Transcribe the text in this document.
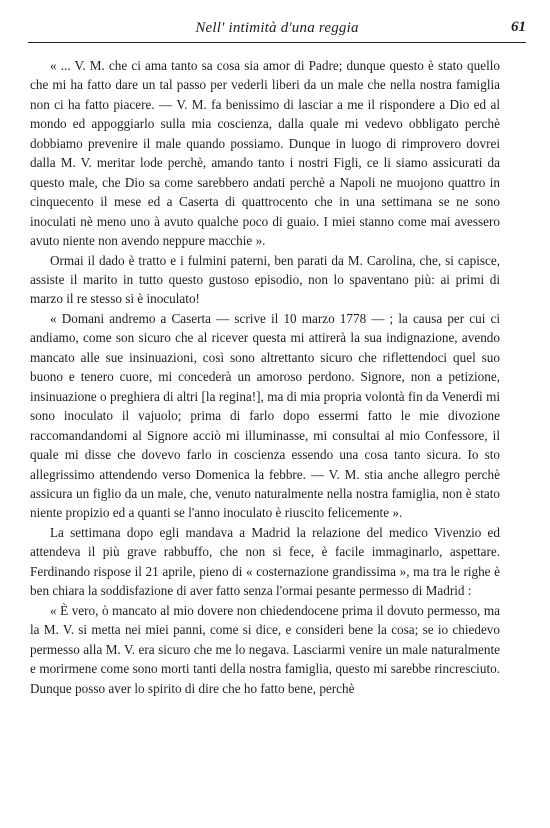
Nell' intimità d'una reggia	61

« ... V. M. che ci ama tanto sa cosa sia amor di Padre; dunque questo è stato quello che mi ha fatto dare un tal passo per vederli liberi da un male che nella nostra famiglia non ci ha fatto piacere. — V. M. fa benissimo di lasciar a me il rispondere a Dio ed al mondo ed appoggiarlo sulla mia coscienza, dalla quale mi vedevo obbligato perchè dobbiamo prevenire il male quando possiamo. Dunque in luogo di rimprovero dovrei dalla M. V. meritar lode perchè, amando tanto i nostri Figli, ce li siamo assicurati da questo male, che Dio sa come sarebbero andati perchè a Napoli ne muojono quattro in cinquecento il mese ed a Caserta di quattrocento che in una settimana se ne sono inoculati nè meno uno à avuto qualche poco di guaio. I miei stanno come mai avessero avuto niente non avendo neppure macchie ».

Ormai il dado è tratto e i fulmini paterni, ben parati da M. Carolina, che, si capisce, assiste il marito in tutto questo gustoso episodio, non lo spaventano più: ai primi di marzo il re stesso si è inoculato!

« Domani andremo a Caserta — scrive il 10 marzo 1778 — ; la causa per cui ci andiamo, come son sicuro che al ricever questa mi attirerà la sua indignazione, avendo mancato alle sue insinuazioni, così sono altrettanto sicuro che riflettendoci quel suo buono e tenero cuore, mi concederà un amoroso perdono. Signore, non a petizione, insinuazione o preghiera di altri [la regina!], ma di mia propria volontà fin da Venerdì mi sono inoculato il vajuolo; prima di farlo dopo essermi fatto le mie divozione raccomandandomi al Signore acciò mi illuminasse, mi consultai al mio Confessore, il quale mi disse che dovevo farlo in coscienza essendo una cosa tanto sicura. Io sto allegrissimo attendendo verso Domenica la febbre. — V. M. stia anche allegro perchè assicura un figlio da un male, che, venuto naturalmente nella nostra famiglia, non è stato niente propizio ed a quanti se l'anno inoculato è riuscito felicemente ».

La settimana dopo egli mandava a Madrid la relazione del medico Vivenzio ed attendeva il più grave rabbuffo, che non si fece, è facile immaginarlo, aspettare. Ferdinando rispose il 21 aprile, pieno di « costernazione grandissima », ma tra le righe è ben chiara la soddisfazione di aver fatto senza l'ormai pesante permesso di Madrid :

« È vero, ò mancato al mio dovere non chiedendocene prima il dovuto permesso, ma la M. V. si metta nei miei panni, come si dice, e consideri bene la cosa; se io chiedevo permesso alla M. V. era sicuro che me lo negava. Lasciarmi venire un male naturalmente e morirmene come sono morti tanti della nostra famiglia, questo mi sarebbe rincresciuto. Dunque posso aver lo spirito di dire che ho fatto bene, perchè
